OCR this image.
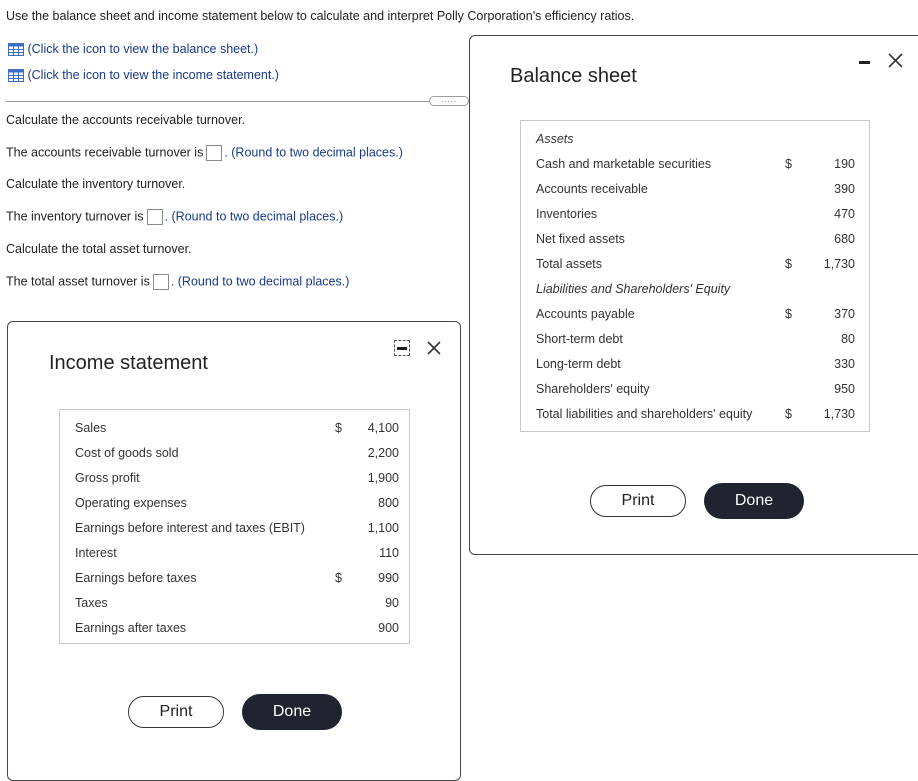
Use the balance sheet and income statement below to calculate and interpret Polly Corporation's efficiency ratios.
(Click the icon to view the balance sheet.)
(Click the icon to view the income statement.)
.....
Calculate the accounts receivable turnover.
The accounts receivable turnover is . (Round to two decimal places.)
Calculate the inventory turnover.
The inventory turnover is . (Round to two decimal places.)
Calculate the total asset turnover.
The total asset turnover is . (Round to two decimal places.)
Income statement
Sales	$ 4,100
Cost of goods sold	2,200
Gross profit	1,900
Operating expenses	800
Earnings before interest and taxes (EBIT)	1,100
Interest	110
Earnings before taxes	$	990
Taxes	90
Earnings after taxes	900
Print	Done
Balance sheet
Assets
Cash and marketable securities	$	190
Accounts receivable	390
Inventories	470
Net fixed assets	680
Total assets	$	1,730
Liabilities and Shareholders' Equity
Accounts payable	$	370
Short-term debt	80
Long-term debt	330
Shareholders' equity	950
Total liabilities and shareholders' equity	$	1,730
Print	Done
